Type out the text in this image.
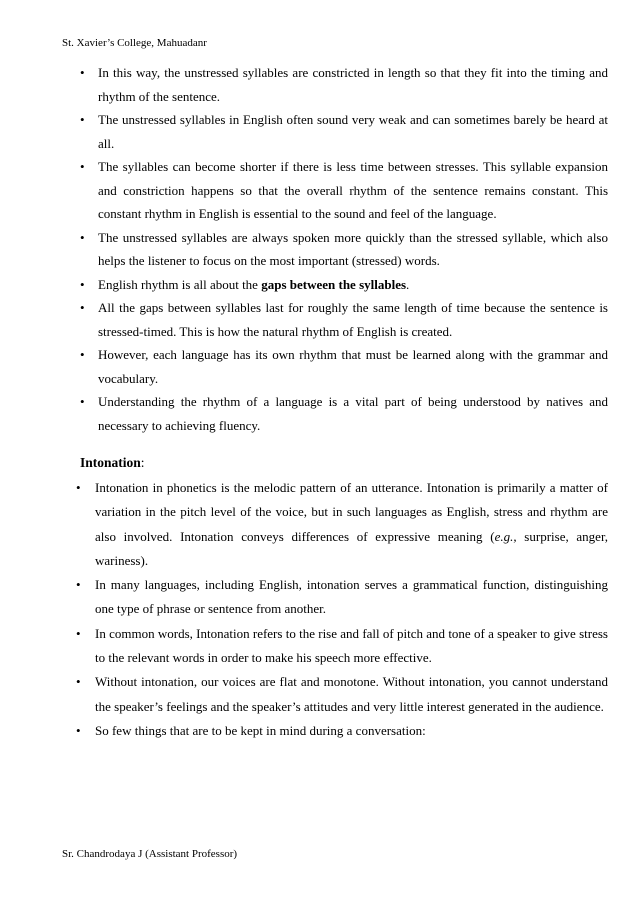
St. Xavier’s College, Mahuadanr
• In this way, the unstressed syllables are constricted in length so that they fit into the timing and rhythm of the sentence.
• The unstressed syllables in English often sound very weak and can sometimes barely be heard at all.
• The syllables can become shorter if there is less time between stresses. This syllable expansion and constriction happens so that the overall rhythm of the sentence remains constant. This constant rhythm in English is essential to the sound and feel of the language.
• The unstressed syllables are always spoken more quickly than the stressed syllable, which also helps the listener to focus on the most important (stressed) words.
• English rhythm is all about the gaps between the syllables.
• All the gaps between syllables last for roughly the same length of time because the sentence is stressed-timed. This is how the natural rhythm of English is created.
• However, each language has its own rhythm that must be learned along with the grammar and vocabulary.
• Understanding the rhythm of a language is a vital part of being understood by natives and necessary to achieving fluency.
Intonation:
• Intonation in phonetics is the melodic pattern of an utterance. Intonation is primarily a matter of variation in the pitch level of the voice, but in such languages as English, stress and rhythm are also involved. Intonation conveys differences of expressive meaning (e.g., surprise, anger, wariness).
• In many languages, including English, intonation serves a grammatical function, distinguishing one type of phrase or sentence from another.
• In common words, Intonation refers to the rise and fall of pitch and tone of a speaker to give stress to the relevant words in order to make his speech more effective.
• Without intonation, our voices are flat and monotone. Without intonation, you cannot understand the speaker’s feelings and the speaker’s attitudes and very little interest generated in the audience.
• So few things that are to be kept in mind during a conversation:
Sr. Chandrodaya J (Assistant Professor)
